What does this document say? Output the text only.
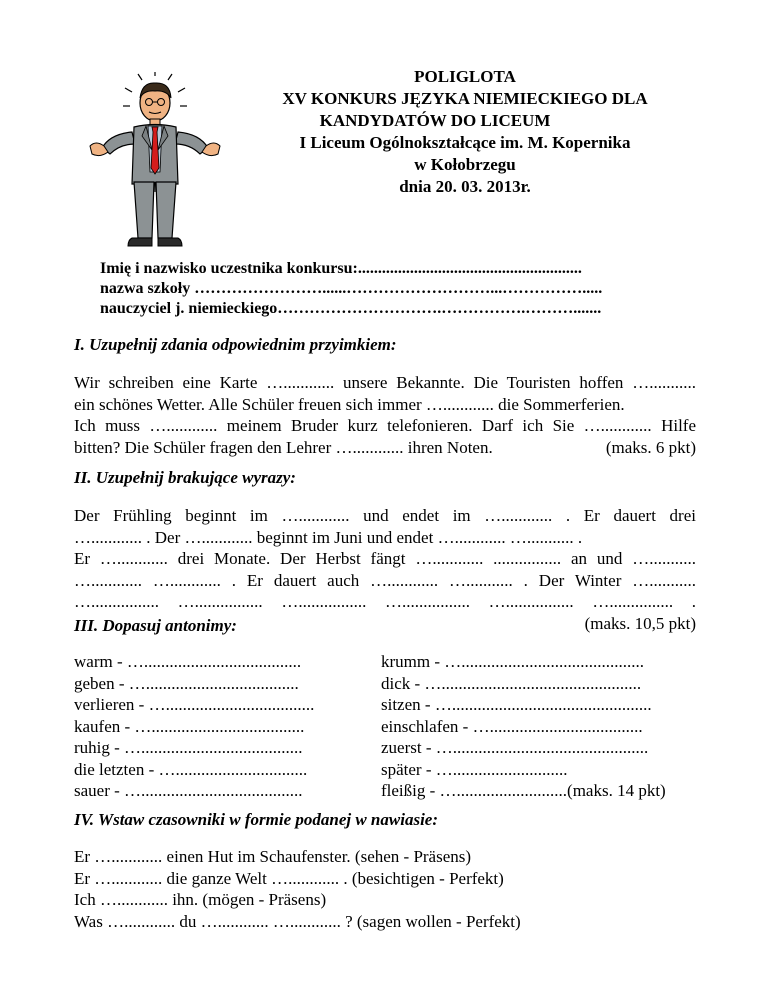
POLIGLOTA
XV KONKURS JĘZYKA NIEMIECKIEGO DLA
KANDYDATÓW DO LICEUM
I Liceum Ogólnokształcące im. M. Kopernika
w Kołobrzegu
dnia 20. 03. 2013r.
Imię i nazwisko uczestnika konkursu:........................................................
nazwa szkoły ……………………......………………………...…………….....
nauczyciel j. niemieckiego………………………….…………….……….......
I. Uzupełnij zdania odpowiednim przyimkiem:
Wir schreiben eine Karte …............ unsere Bekannte. Die Touristen hoffen …...........
ein schönes Wetter. Alle Schüler freuen sich immer …............ die Sommerferien.
Ich muss …............ meinem Bruder kurz telefonieren. Darf ich Sie …............ Hilfe
bitten? Die Schüler fragen den Lehrer …............ ihren Noten.	(maks. 6 pkt)
II. Uzupełnij brakujące wyrazy:
Der Frühling beginnt im …............ und endet im …............ . Er dauert drei
…............ . Der …............ beginnt im Juni und endet …............ …........... .
Er …............ drei Monate. Der Herbst fängt …............ ................ an und …...........
…............ …............ . Er dauert auch …............ …........... . Der Winter …...........
…................ …................ …................ …................ …................ …............... .
(maks. 10,5 pkt)
III. Dopasuj antonimy:
warm - ….....................................
geben - …....................................
verlieren - …...................................
kaufen - …....................................
ruhig - …......................................
die letzten - …...............................
sauer - …......................................
krumm - …...........................................
dick - …...............................................
sitzen - …...............................................
einschlafen - …....................................
zuerst - …..............................................
später - …...........................
fleißig - …..........................(maks. 14 pkt)
IV. Wstaw czasowniki w formie podanej w nawiasie:
Er …............ einen Hut im Schaufenster. (sehen - Präsens)
Er …............ die ganze Welt …............ . (besichtigen - Perfekt)
Ich …............ ihn. (mögen - Präsens)
Was …............ du …............ …............ ? (sagen wollen - Perfekt)
